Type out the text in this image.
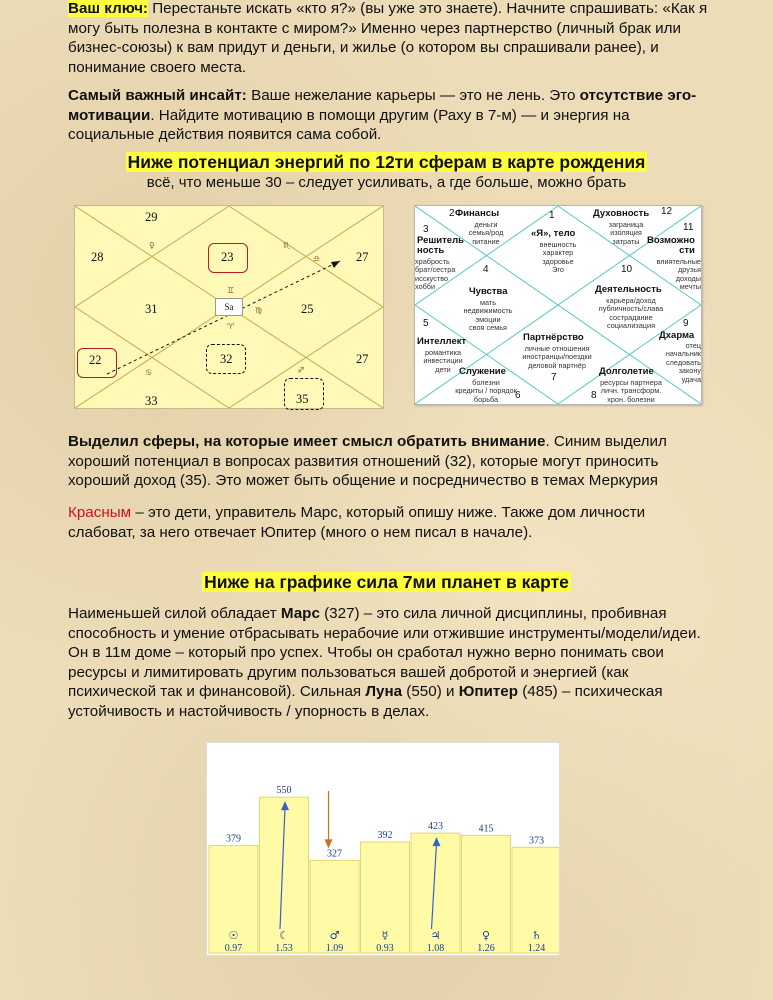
Ваш ключ: Перестаньте искать «кто я?» (вы уже это знаете). Начните спрашивать: «Как я могу быть полезна в контакте с миром?» Именно через партнерство (личный брак или бизнес-союзы) к вам придут и деньги, и жилье (о котором вы спрашивали ранее), и понимание своего места.
Самый важный инсайт: Ваше нежелание карьеры — это не лень. Это отсутствие эго-мотивации. Найдите мотивацию в помощи другим (Раху в 7-м) — и энергия на социальные действия появится сама собой.
Ниже потенциал энергий по 12ти сферам в карте рождения
всё, что меньше 30 – следует усиливать, а где больше, можно брать
29
23	27
28
31	25
Sa
22	32	27
33	35
♀	♏
♎
♊
♈
♍
♋	♐
2 Финансы
деньги
семья/род
питание
1
«Я», тело
внешность
характер
здоровье
Эго
Духовность 12
заграница
изоляция
затраты
3
Решитель
ность
храбрость
брат/сестра
исскуство
хобби
11
Возможно
сти
влиятельные
друзья
доходы
мечты
4
Чувства
мать
недвижимость
эмоции
своя семья
10
Деятельность
карьера/доход
публичность/слава
сострадание
социализация
5
Интеллект
романтика
инвестиции
дети
9
Дхарма
отец
начальник
следовать
закону
удача
Партнёрство
личные отношения
иностранцы/поездки
деловой партнёр
7
Служение
болезни
кредиты / порядок
борьба	6
Долголетие
ресурсы партнера
личн. трансформ.
хрон. болезни
8
Выделил сферы, на которые имеет смысл обратить внимание. Синим выделил хороший потенциал в вопросах развития отношений (32), которые могут приносить хороший доход (35). Это может быть общение и посредничество в темах Меркурия
Красным – это дети, управитель Марс, который опишу ниже. Также дом личности слабоват, за него отвечает Юпитер (много о нем писал в начале).
Ниже на графике сила 7ми планет в карте
Наименьшей силой обладает Марс (327) – это сила личной дисциплины, пробивная способность и умение отбрасывать нерабочие или отжившие инструменты/модели/идеи. Он в 11м доме – который про успех. Чтобы он сработал нужно верно понимать свои ресурсы и лимитировать другим пользоваться вашей добротой и энергией (как психической так и финансовой). Сильная Луна (550) и Юпитер (485) – психическая устойчивость и настойчивость / упорность в делах.
379
☉
0.97
550
☾
1.53
327
♂
1.09
392
☿
0.93
423
♃
1.08
415
♀
1.26
373
♄
1.24
